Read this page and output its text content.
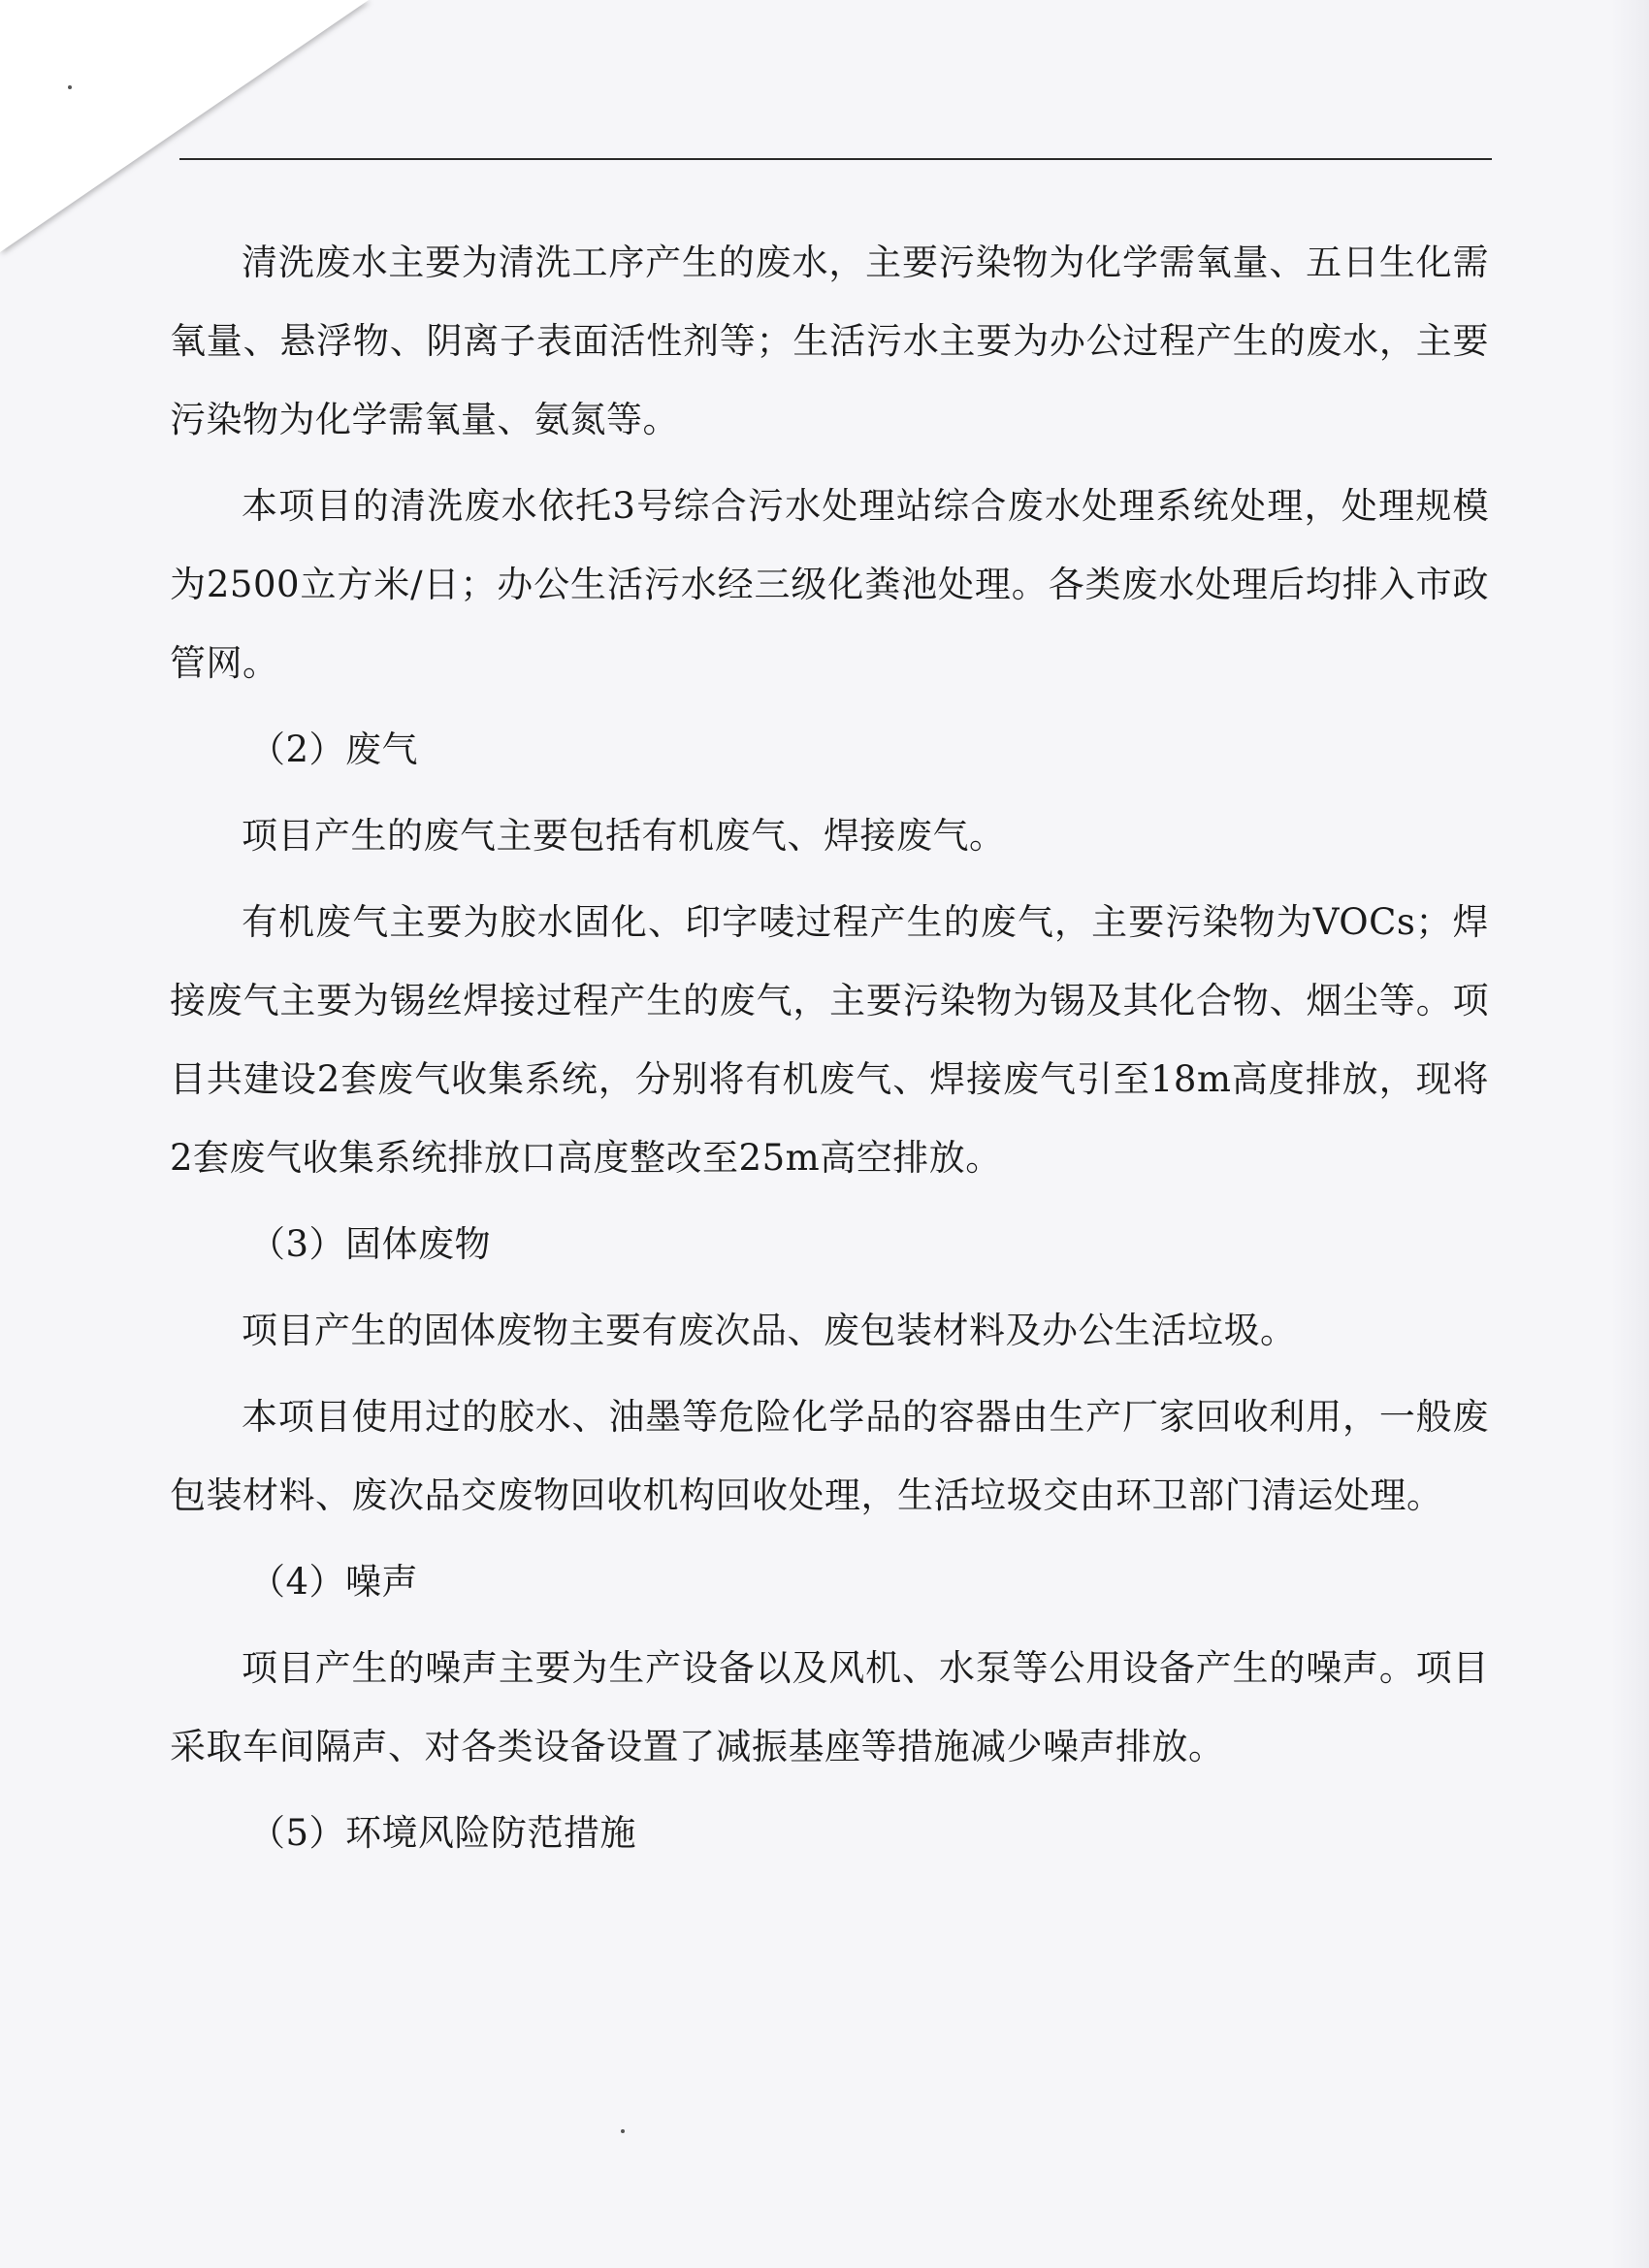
清洗废水主要为清洗工序产生的废水，主要污染物为化学需氧量、五日生化需氧量、悬浮物、阴离子表面活性剂等；生活污水主要为办公过程产生的废水，主要污染物为化学需氧量、氨氮等。

本项目的清洗废水依托3号综合污水处理站综合废水处理系统处理，处理规模为2500立方米/日；办公生活污水经三级化粪池处理。各类废水处理后均排入市政管网。

（2）废气

项目产生的废气主要包括有机废气、焊接废气。

有机废气主要为胶水固化、印字唛过程产生的废气，主要污染物为VOCs；焊接废气主要为锡丝焊接过程产生的废气，主要污染物为锡及其化合物、烟尘等。项目共建设2套废气收集系统，分别将有机废气、焊接废气引至18m高度排放，现将2套废气收集系统排放口高度整改至25m高空排放。

（3）固体废物

项目产生的固体废物主要有废次品、废包装材料及办公生活垃圾。

本项目使用过的胶水、油墨等危险化学品的容器由生产厂家回收利用，一般废包装材料、废次品交废物回收机构回收处理，生活垃圾交由环卫部门清运处理。

（4）噪声

项目产生的噪声主要为生产设备以及风机、水泵等公用设备产生的噪声。项目采取车间隔声、对各类设备设置了减振基座等措施减少噪声排放。

（5）环境风险防范措施
